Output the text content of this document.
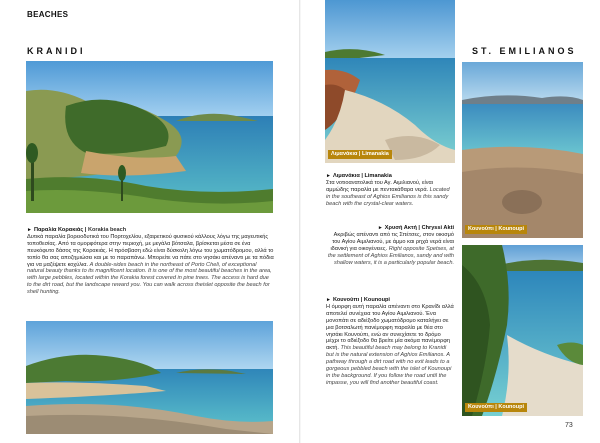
BEACHES
KRANIDI
► Παραλία Κορακιάς | Korakia beach
Δυτικά παραλία βορειοδυτικά του Πορτοχελίου, εξαιρετικού φυσικού κάλλους λόγω της μαγευτικής τοποθεσίας. Από τα ομορφότερα στην περιοχή, με μεγάλα βότσαλα, βρίσκεται μέσα σε ένα πευκόφυτο δάσος της Κορακιάς. Η πρόσβαση εδώ είναι δύσκολη λόγω του χωματόδρομου, αλλά το τοπίο θα σας αποζημιώσει και με το παραπάνω. Μπορείτε να πάτε στο νησάκι απέναντι με τα πόδια για να μαζέψετε κοχύλια. A double-sides beach in the northeast of Porto Cheli, of exceptional natural beauty thanks to its magnificent location. It is one of the most beautiful beaches in the area, with large pebbles, located within the Korakia forest covered in pine trees. The access is hard due to the dirt road, but the landscape reward you. You can walk across theislet opposite the beach for shell hunting.
Λιμανάκια | Limanakia
► Λιμανάκια | Limanakia
Στα νοτιοανατολικά του Αγ. Αιμιλιανού, είναι αμμώδης παραλία με πεντακάθαρα νερά. Located in the southeast of Aghios Emilianos is this sandy beach with the crystal-clear waters.
► Χρυσή Ακτή | Chryssi Akti
Ακριβώς απέναντι από τις Σπέτσες, στον οικισμό του Αγίου Αιμιλιανού, με άμμο και ρηχά νερά είναι ιδανική για οικογένειες. Right opposite Spetses, at the settlement of Aghios Emilianos, sandy and with shallow waters, it is a particularly popular beach.
► Κουνούπι | Kounoupi
Η όμορφη αυτή παραλία απέναντι στο Κρανίδι αλλά αποτελεί συνέχεια του Αγίου Αιμιλιανού. Ένα μονοπάτι σε αδιέξοδο χωματόδρομο καταλήγει σε μια βοτσαλωτή πανέμορφη παραλία με θέα στο νησάκι Κουνούπι, ενώ αν συνεχίσετε το δρόμο μέχρι το αδιέξοδο θα βρείτε μία ακόμα πανέμορφη ακτή. This beautiful beach may belong to Kranidi but is the natural extension of Aghios Emilianos. A pathway through a dirt road with no exit leads to a gorgeous pebbled beach with the islet of Kounoupi in the background. If you follow the road until the impasse, you will find another beautiful coast.
ST. EMILIANOS
Κουνούπι | Kounoupi
Κουνούπι | Kounoupi
73
